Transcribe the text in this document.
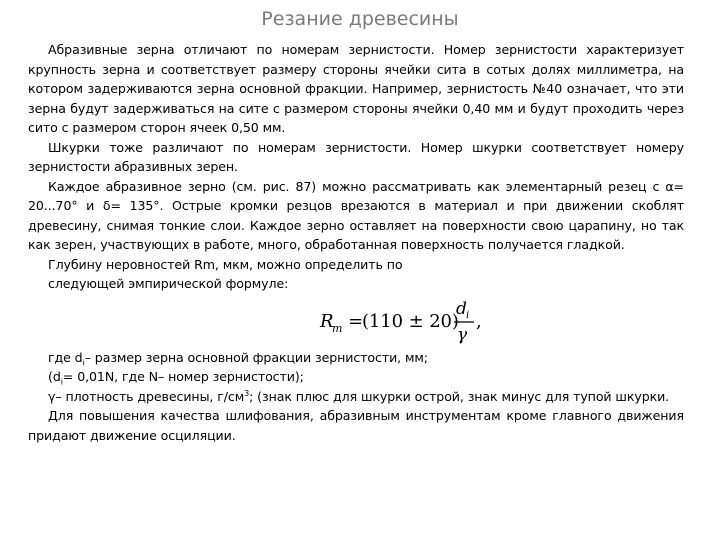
Резание древесины

Абразивные зерна отличают по номерам зернистости. Номер зернистости характеризует крупность зерна и соответствует размеру стороны ячейки сита в сотых долях миллиметра, на котором задерживаются зерна основной фракции. Например, зернистость №40 означает, что эти зерна будут задерживаться на сите с размером стороны ячейки 0,40 мм и будут проходить через сито с размером сторон ячеек 0,50 мм.

Шкурки тоже различают по номерам зернистости. Номер шкурки соответствует номеру зернистости абразивных зерен.

Каждое абразивное зерно (см. рис. 87) можно рассматривать как элементарный резец с α= 20...70° и δ= 135°. Острые кромки резцов врезаются в материал и при движении скоблят древесину, снимая тонкие слои. Каждое зерно оставляет на поверхности свою царапину, но так как зерен, участвующих в работе, много, обработанная поверхность получается гладкой.

Глубину неровностей Rm, мкм, можно определить по

следующей эмпирической формуле:

R
m = (110 ± 20)
d i
γ
,

где $d_i-$ размер зерна основной фракции зернистости, мм;

($d_i= 0,01N$, где N– номер зернистости);

γ– плотность древесины, $г/см^3$; (знак плюс для шкурки острой, знак минус для тупой шкурки.

Для повышения качества шлифования, абразивным инструментам кроме главного движения придают движение осциляции.
